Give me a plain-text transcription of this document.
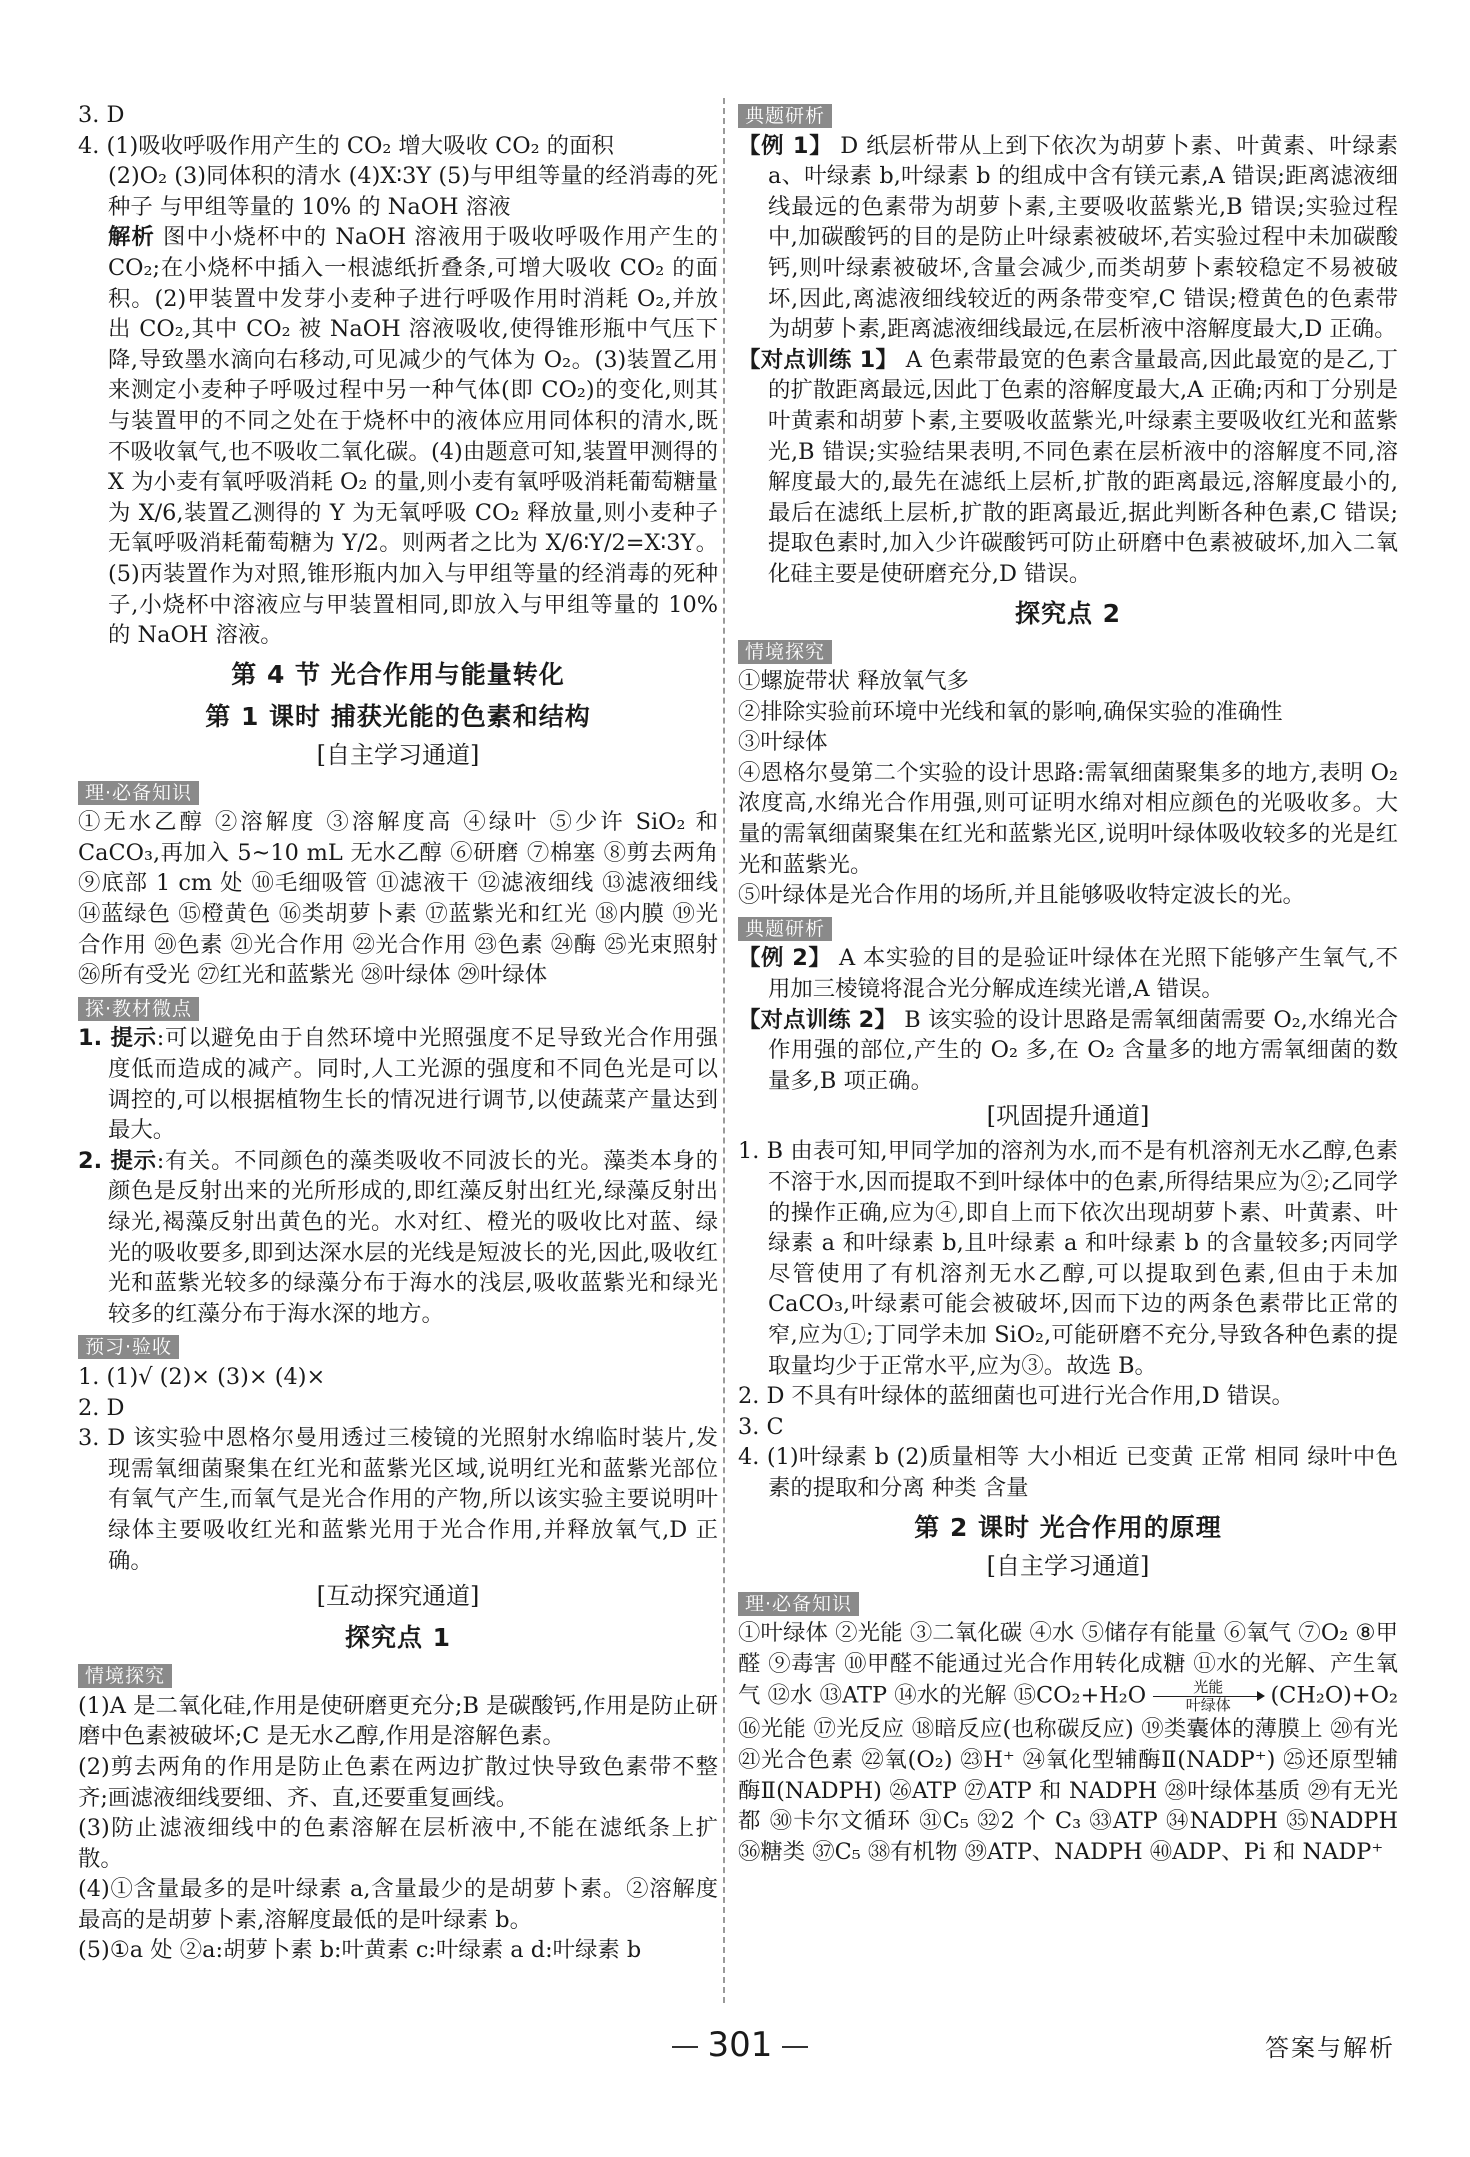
3. D

4. (1)吸收呼吸作用产生的 CO₂ 增大吸收 CO₂ 的面积

(2)O₂ (3)同体积的清水 (4)X∶3Y (5)与甲组等量的经消毒的死种子 与甲组等量的 10% 的 NaOH 溶液

解析 图中小烧杯中的 NaOH 溶液用于吸收呼吸作用产生的 CO₂;在小烧杯中插入一根滤纸折叠条,可增大吸收 CO₂ 的面积。(2)甲装置中发芽小麦种子进行呼吸作用时消耗 O₂,并放出 CO₂,其中 CO₂ 被 NaOH 溶液吸收,使得锥形瓶中气压下降,导致墨水滴向右移动,可见减少的气体为 O₂。(3)装置乙用来测定小麦种子呼吸过程中另一种气体(即 CO₂)的变化,则其与装置甲的不同之处在于烧杯中的液体应用同体积的清水,既不吸收氧气,也不吸收二氧化碳。(4)由题意可知,装置甲测得的 X 为小麦有氧呼吸消耗 O₂ 的量,则小麦有氧呼吸消耗葡萄糖量为 X/6,装置乙测得的 Y 为无氧呼吸 CO₂ 释放量,则小麦种子无氧呼吸消耗葡萄糖为 Y/2。则两者之比为 X/6∶Y/2=X∶3Y。(5)丙装置作为对照,锥形瓶内加入与甲组等量的经消毒的死种子,小烧杯中溶液应与甲装置相同,即放入与甲组等量的 10% 的 NaOH 溶液。

第 4 节 光合作用与能量转化
第 1 课时 捕获光能的色素和结构
[自主学习通道]
理·必备知识

①无水乙醇 ②溶解度 ③溶解度高 ④绿叶 ⑤少许 SiO₂ 和 CaCO₃,再加入 5~10 mL 无水乙醇 ⑥研磨 ⑦棉塞 ⑧剪去两角 ⑨底部 1 cm 处 ⑩毛细吸管 ⑪滤液干 ⑫滤液细线 ⑬滤液细线 ⑭蓝绿色 ⑮橙黄色 ⑯类胡萝卜素 ⑰蓝紫光和红光 ⑱内膜 ⑲光合作用 ⑳色素 ㉑光合作用 ㉒光合作用 ㉓色素 ㉔酶 ㉕光束照射 ㉖所有受光 ㉗红光和蓝紫光 ㉘叶绿体 ㉙叶绿体

探·教材微点

1. 提示:可以避免由于自然环境中光照强度不足导致光合作用强度低而造成的减产。同时,人工光源的强度和不同色光是可以调控的,可以根据植物生长的情况进行调节,以使蔬菜产量达到最大。

2. 提示:有关。不同颜色的藻类吸收不同波长的光。藻类本身的颜色是反射出来的光所形成的,即红藻反射出红光,绿藻反射出绿光,褐藻反射出黄色的光。水对红、橙光的吸收比对蓝、绿光的吸收要多,即到达深水层的光线是短波长的光,因此,吸收红光和蓝紫光较多的绿藻分布于海水的浅层,吸收蓝紫光和绿光较多的红藻分布于海水深的地方。

预习·验收

1. (1)√ (2)× (3)× (4)×

2. D

3. D 该实验中恩格尔曼用透过三棱镜的光照射水绵临时装片,发现需氧细菌聚集在红光和蓝紫光区域,说明红光和蓝紫光部位有氧气产生,而氧气是光合作用的产物,所以该实验主要说明叶绿体主要吸收红光和蓝紫光用于光合作用,并释放氧气,D 正确。

[互动探究通道]
探究点 1
情境探究

(1)A 是二氧化硅,作用是使研磨更充分;B 是碳酸钙,作用是防止研磨中色素被破坏;C 是无水乙醇,作用是溶解色素。

(2)剪去两角的作用是防止色素在两边扩散过快导致色素带不整齐;画滤液细线要细、齐、直,还要重复画线。

(3)防止滤液细线中的色素溶解在层析液中,不能在滤纸条上扩散。

(4)①含量最多的是叶绿素 a,含量最少的是胡萝卜素。②溶解度最高的是胡萝卜素,溶解度最低的是叶绿素 b。

(5)①a 处 ②a:胡萝卜素 b:叶黄素 c:叶绿素 a d:叶绿素 b

典题研析

【例 1】 D 纸层析带从上到下依次为胡萝卜素、叶黄素、叶绿素 a、叶绿素 b,叶绿素 b 的组成中含有镁元素,A 错误;距离滤液细线最远的色素带为胡萝卜素,主要吸收蓝紫光,B 错误;实验过程中,加碳酸钙的目的是防止叶绿素被破坏,若实验过程中未加碳酸钙,则叶绿素被破坏,含量会减少,而类胡萝卜素较稳定不易被破坏,因此,离滤液细线较近的两条带变窄,C 错误;橙黄色的色素带为胡萝卜素,距离滤液细线最远,在层析液中溶解度最大,D 正确。

【对点训练 1】 A 色素带最宽的色素含量最高,因此最宽的是乙,丁的扩散距离最远,因此丁色素的溶解度最大,A 正确;丙和丁分别是叶黄素和胡萝卜素,主要吸收蓝紫光,叶绿素主要吸收红光和蓝紫光,B 错误;实验结果表明,不同色素在层析液中的溶解度不同,溶解度最大的,最先在滤纸上层析,扩散的距离最远,溶解度最小的,最后在滤纸上层析,扩散的距离最近,据此判断各种色素,C 错误;提取色素时,加入少许碳酸钙可防止研磨中色素被破坏,加入二氧化硅主要是使研磨充分,D 错误。

探究点 2
情境探究

①螺旋带状 释放氧气多

②排除实验前环境中光线和氧的影响,确保实验的准确性

③叶绿体

④恩格尔曼第二个实验的设计思路:需氧细菌聚集多的地方,表明 O₂ 浓度高,水绵光合作用强,则可证明水绵对相应颜色的光吸收多。大量的需氧细菌聚集在红光和蓝紫光区,说明叶绿体吸收较多的光是红光和蓝紫光。

⑤叶绿体是光合作用的场所,并且能够吸收特定波长的光。

典题研析

【例 2】 A 本实验的目的是验证叶绿体在光照下能够产生氧气,不用加三棱镜将混合光分解成连续光谱,A 错误。

【对点训练 2】 B 该实验的设计思路是需氧细菌需要 O₂,水绵光合作用强的部位,产生的 O₂ 多,在 O₂ 含量多的地方需氧细菌的数量多,B 项正确。

[巩固提升通道]

1. B 由表可知,甲同学加的溶剂为水,而不是有机溶剂无水乙醇,色素不溶于水,因而提取不到叶绿体中的色素,所得结果应为②;乙同学的操作正确,应为④,即自上而下依次出现胡萝卜素、叶黄素、叶绿素 a 和叶绿素 b,且叶绿素 a 和叶绿素 b 的含量较多;丙同学尽管使用了有机溶剂无水乙醇,可以提取到色素,但由于未加 CaCO₃,叶绿素可能会被破坏,因而下边的两条色素带比正常的窄,应为①;丁同学未加 SiO₂,可能研磨不充分,导致各种色素的提取量均少于正常水平,应为③。故选 B。

2. D 不具有叶绿体的蓝细菌也可进行光合作用,D 错误。

3. C

4. (1)叶绿素 b (2)质量相等 大小相近 已变黄 正常 相同 绿叶中色素的提取和分离 种类 含量

第 2 课时 光合作用的原理
[自主学习通道]
理·必备知识

①叶绿体 ②光能 ③二氧化碳 ④水 ⑤储存有能量 ⑥氧气 ⑦O₂ ⑧甲醛 ⑨毒害 ⑩甲醛不能通过光合作用转化成糖 ⑪水的光解、产生氧气 ⑫水 ⑬ATP ⑭水的光解 ⑮CO₂+H₂O	光能
叶绿体	(CH₂O)+O₂ ⑯光能 ⑰光反应 ⑱暗反应(也称碳反应) ⑲类囊体的薄膜上 ⑳有光 ㉑光合色素 ㉒氧(O₂) ㉓H⁺ ㉔氧化型辅酶Ⅱ(NADP⁺) ㉕还原型辅酶Ⅱ(NADPH) ㉖ATP ㉗ATP 和 NADPH ㉘叶绿体基质 ㉙有无光都 ㉚卡尔文循环 ㉛C₅ ㉜2 个 C₃ ㉝ATP ㉞NADPH ㉟NADPH ㊱糖类 ㊲C₅ ㊳有机物 ㊴ATP、NADPH ㊵ADP、Pi 和 NADP⁺

301	答案与解析
